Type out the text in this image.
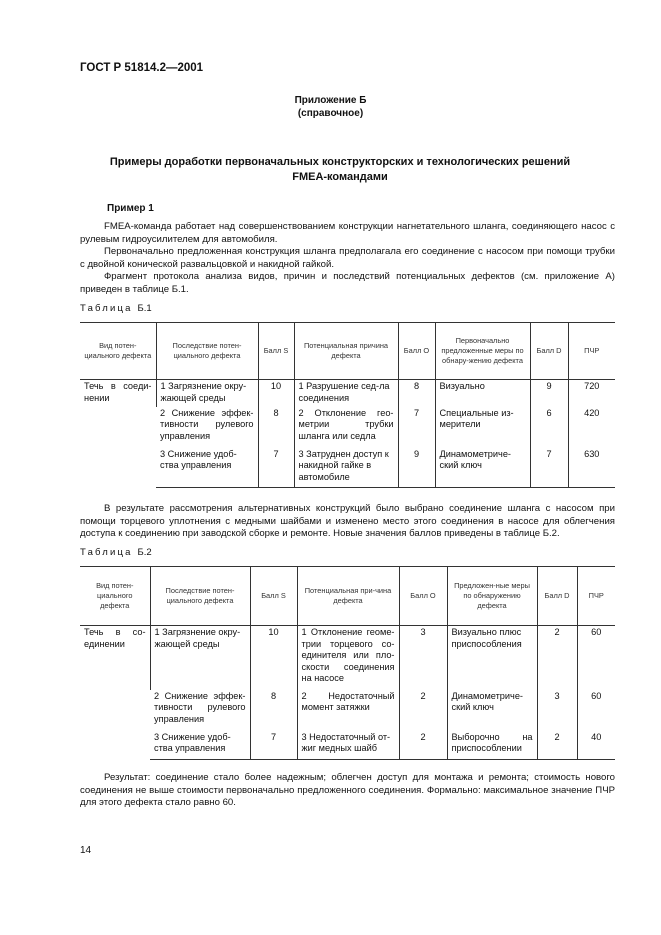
ГОСТ Р 51814.2—2001
Приложение Б
(справочное)
Примеры доработки первоначальных конструкторских и технологических решений
FMEA-командами
Пример 1

FMEA-команда работает над совершенствованием конструкции нагнетательного шланга, соединяющего насос с рулевым гидроусилителем для автомобиля.

Первоначально предложенная конструкция шланга предполагала его соединение с насосом при помощи трубки с двойной конической развальцовкой и накидной гайкой.

Фрагмент протокола анализа видов, причин и последствий потенциальных дефектов (см. приложение А) приведен в таблице Б.1.

Таблица Б.1
Вид потен-циального дефекта	Последствие потен-циального дефекта	Балл S	Потенциальная причина дефекта	Балл O	Первоначально предложенные меры по обнару-жению дефекта	Балл D	ПЧР
Течь в соеди-нении	1 Загрязнение окру-жающей среды	10	1 Разрушение сед-ла соединения	8	Визуально	9	720
	2 Снижение эффек-тивности рулевого управления	8	2 Отклонение гео-метрии трубки шланга или седла	7	Специальные из-мерители	6	420
	3 Снижение удоб-ства управления	7	3 Затруднен доступ к накидной гайке в автомобиле	9	Динамометриче-ский ключ	7	630

В результате рассмотрения альтернативных конструкций было выбрано соединение шланга с насосом при помощи торцевого уплотнения с медными шайбами и изменено место этого соединения в насосе для облегчения доступа к соединению при заводской сборке и ремонте. Новые значения баллов приведены в таблице Б.2.

Таблица Б.2
Вид потен-циального дефекта	Последствие потен-циального дефекта	Балл S	Потенциальная при-чина дефекта	Балл O	Предложен-ные меры по обнаружению дефекта	Балл D	ПЧР
Течь в со-единении	1 Загрязнение окру-жающей среды	10	1 Отклонение геоме-трии торцевого со-единителя или пло-скости соединения на насосе	3	Визуально плюс приспособления	2	60
	2 Снижение эффек-тивности рулевого управления	8	2 Недостаточный момент затяжки	2	Динамометриче-ский ключ	3	60
	3 Снижение удоб-ства управления	7	3 Недостаточный от-жиг медных шайб	2	Выборочно на приспособлении	2	40

Результат: соединение стало более надежным; облегчен доступ для монтажа и ремонта; стоимость нового соединения не выше стоимости первоначально предложенного соединения. Формально: максимальное значение ПЧР для этого дефекта стало равно 60.

14
